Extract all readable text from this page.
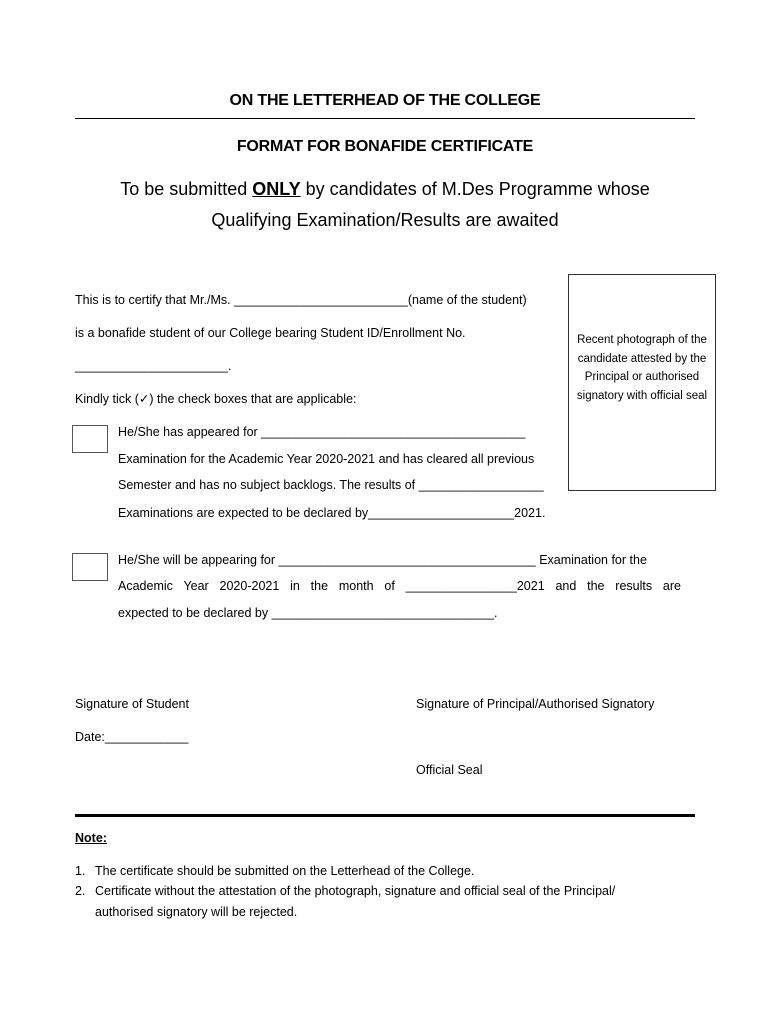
ON THE LETTERHEAD OF THE COLLEGE
FORMAT FOR BONAFIDE CERTIFICATE
To be submitted ONLY by candidates of M.Des Programme whose
Qualifying Examination/Results are awaited
This is to certify that Mr./Ms. _________________________(name of the student)
is a bonafide student of our College bearing Student ID/Enrollment No.
______________________.
Kindly tick (✓) the check boxes that are applicable:
Recent photograph of the candidate attested by the Principal or authorised signatory with official seal
He/She has appeared for ______________________________________
Examination for the Academic Year 2020-2021 and has cleared all previous
Semester and has no subject backlogs. The results of __________________
Examinations are expected to be declared by_____________________2021.
He/She will be appearing for _____________________________________ Examination for the
Academic Year 2020-2021 in the month of ________________2021 and the results are
expected to be declared by ________________________________.
Signature of Student	Signature of Principal/Authorised Signatory
Date:____________
Official Seal
Note:
1. The certificate should be submitted on the Letterhead of the College.
2. Certificate without the attestation of the photograph, signature and official seal of the Principal/
authorised signatory will be rejected.
